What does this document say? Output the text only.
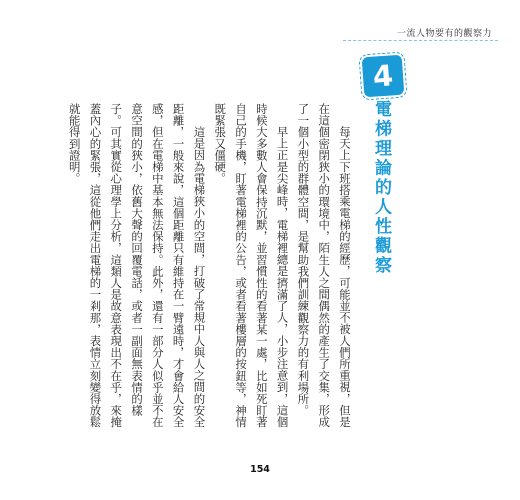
一流人物要有的觀察力
4
電梯理論的人性觀察

每天上下班搭乘電梯的經歷，可能並不被人們所重視，但是在這個密閉狹小的環境中，陌生人之間偶然的產生了交集，形成了一個小型的群體空間，是幫助我們訓練觀察力的有利場所。

早上正是尖峰時，電梯裡總是擠滿了人，小步注意到，這個時候大多數人會保持沉默，並習慣性的看著某一處，比如死盯著自己的手機，盯著電梯裡的公告，或者看著樓層的按鈕等，神情既緊張又僵硬。

這是因為電梯狹小的空間，打破了常規中人與人之間的安全距離，一般來說，這個距離只有維持在一臂遠時，才會給人安全感，但在電梯中基本無法保持。此外，還有一部分人似乎並不在意空間的狹小，依舊大聲的回覆電話，或者一副面無表情的樣子。可其實從心理學上分析，這類人是故意表現出不在乎，來掩蓋內心的緊張，這從他們走出電梯的一剎那，表情立刻變得放鬆就能得到證明。

154
